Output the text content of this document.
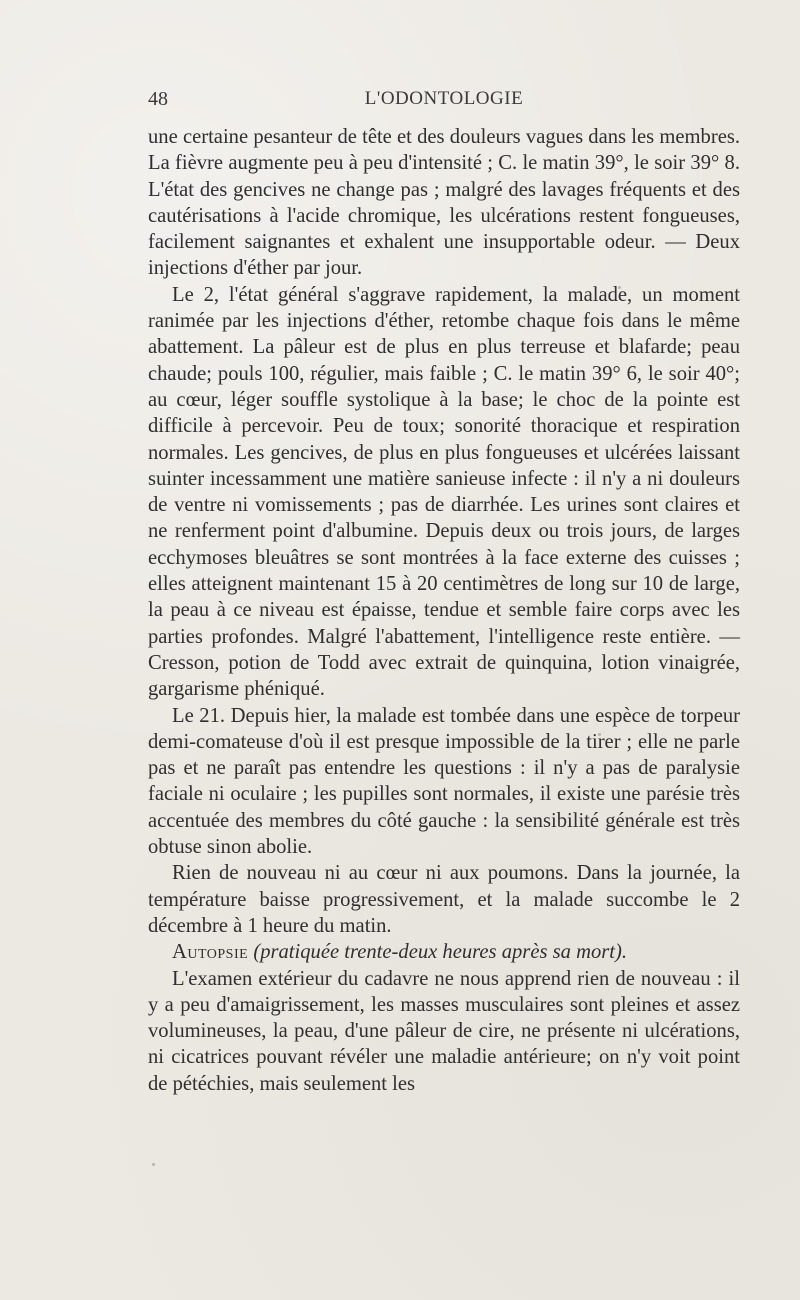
48	L'ODONTOLOGIE

une certaine pesanteur de tête et des douleurs vagues dans les membres. La fièvre augmente peu à peu d'intensité ; C. le matin 39°, le soir 39° 8. L'état des gencives ne change pas ; malgré des lavages fréquents et des cautérisations à l'acide chromique, les ulcérations restent fongueuses, facilement saignantes et exhalent une insupportable odeur. — Deux injections d'éther par jour.

Le 2, l'état général s'aggrave rapidement, la malade, un moment ranimée par les injections d'éther, retombe chaque fois dans le même abattement. La pâleur est de plus en plus terreuse et blafarde; peau chaude; pouls 100, régulier, mais faible ; C. le matin 39° 6, le soir 40°; au cœur, léger souffle systolique à la base; le choc de la pointe est difficile à percevoir. Peu de toux; sonorité thoracique et respiration normales. Les gencives, de plus en plus fongueuses et ulcérées laissant suinter incessamment une matière sanieuse infecte : il n'y a ni douleurs de ventre ni vomissements ; pas de diarrhée. Les urines sont claires et ne renferment point d'albumine. Depuis deux ou trois jours, de larges ecchymoses bleuâtres se sont montrées à la face externe des cuisses ; elles atteignent maintenant 15 à 20 centimètres de long sur 10 de large, la peau à ce niveau est épaisse, tendue et semble faire corps avec les parties profondes. Malgré l'abattement, l'intelligence reste entière. — Cresson, potion de Todd avec extrait de quinquina, lotion vinaigrée, gargarisme phéniqué.

Le 21. Depuis hier, la malade est tombée dans une espèce de torpeur demi-comateuse d'où il est presque impossible de la tirer ; elle ne parle pas et ne paraît pas entendre les questions : il n'y a pas de paralysie faciale ni oculaire ; les pupilles sont normales, il existe une parésie très accentuée des membres du côté gauche : la sensibilité générale est très obtuse sinon abolie.

Rien de nouveau ni au cœur ni aux poumons. Dans la journée, la température baisse progressivement, et la malade succombe le 2 décembre à 1 heure du matin.

Autopsie (pratiquée trente-deux heures après sa mort).

L'examen extérieur du cadavre ne nous apprend rien de nouveau : il y a peu d'amaigrissement, les masses musculaires sont pleines et assez volumineuses, la peau, d'une pâleur de cire, ne présente ni ulcérations, ni cicatrices pouvant révéler une maladie antérieure; on n'y voit point de pétéchies, mais seulement les
